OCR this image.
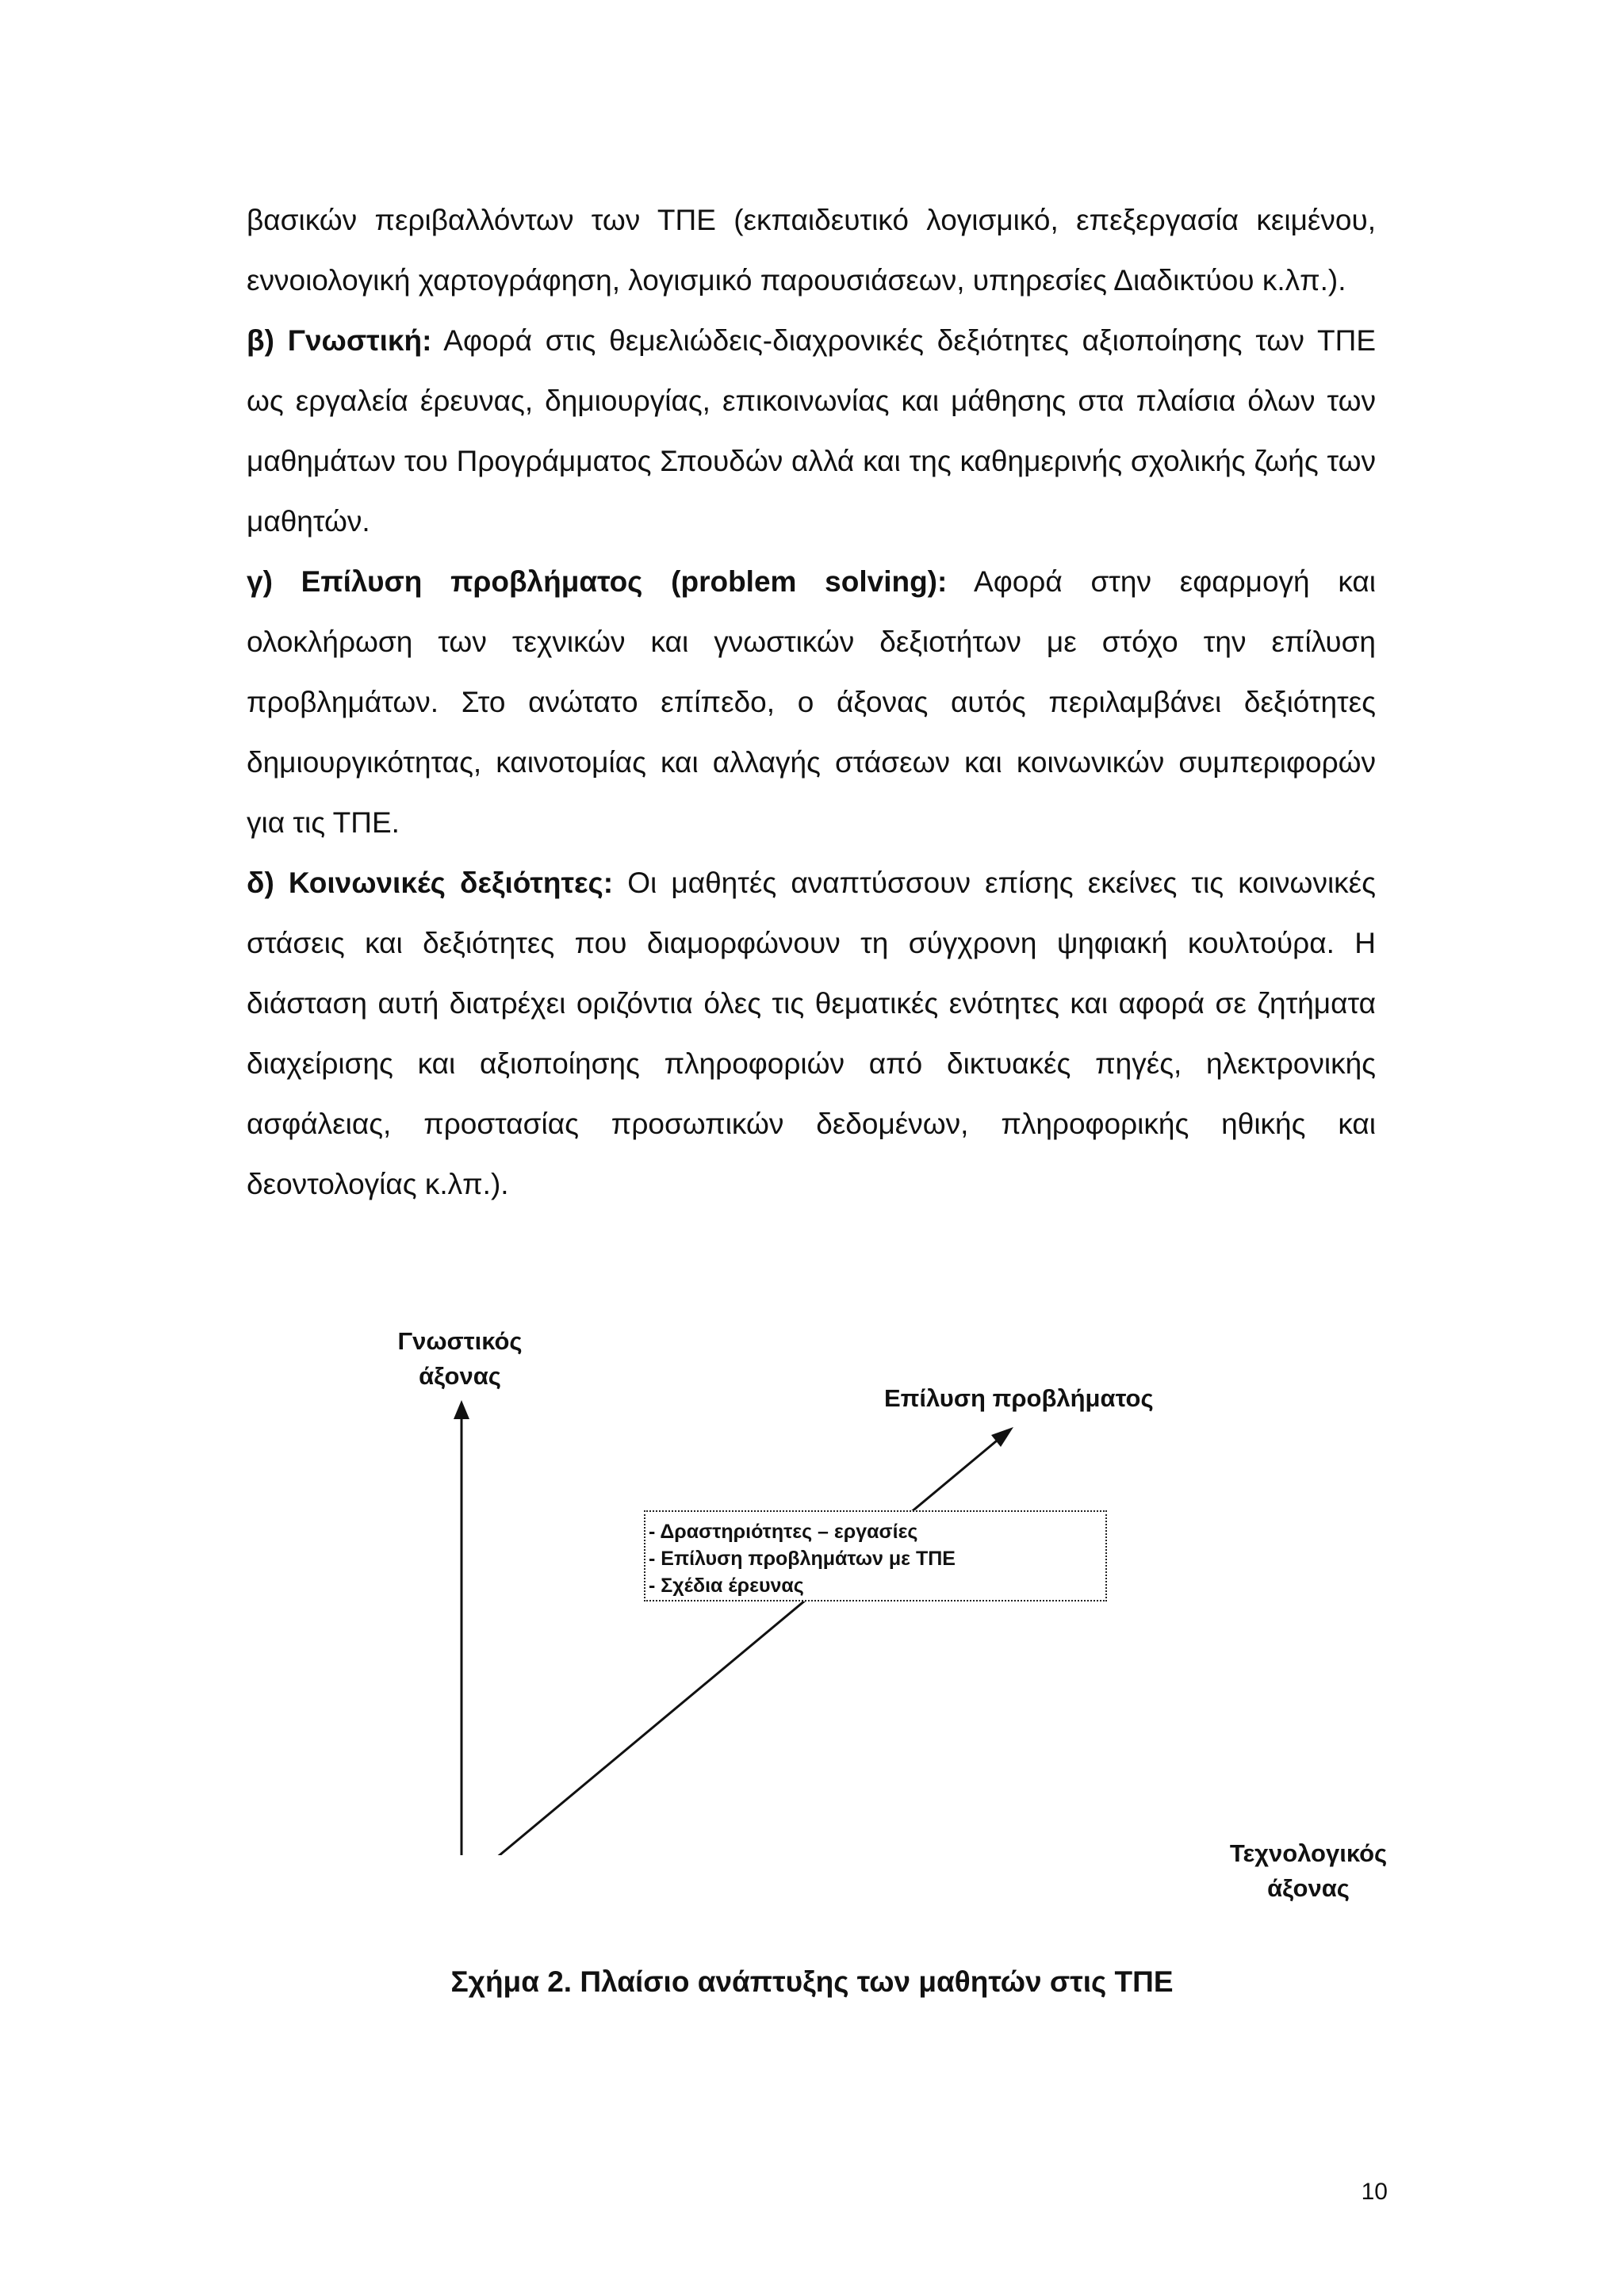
βασικών περιβαλλόντων των ΤΠΕ (εκπαιδευτικό λογισμικό, επεξεργασία κειμένου, εννοιολογική χαρτογράφηση, λογισμικό παρουσιάσεων, υπηρεσίες Διαδικτύου κ.λπ.).

β) Γνωστική: Αφορά στις θεμελιώδεις-διαχρονικές δεξιότητες αξιοποίησης των ΤΠΕ ως εργαλεία έρευνας, δημιουργίας, επικοινωνίας και μάθησης στα πλαίσια όλων των μαθημάτων του Προγράμματος Σπουδών αλλά και της καθημερινής σχολικής ζωής των μαθητών.

γ) Επίλυση προβλήματος (problem solving): Αφορά στην εφαρμογή και ολοκλήρωση των τεχνικών και γνωστικών δεξιοτήτων με στόχο την επίλυση προβλημάτων. Στο ανώτατο επίπεδο, ο άξονας αυτός περιλαμβάνει δεξιότητες δημιουργικότητας, καινοτομίας και αλλαγής στάσεων και κοινωνικών συμπεριφορών για τις ΤΠΕ.

δ) Κοινωνικές δεξιότητες: Οι μαθητές αναπτύσσουν επίσης εκείνες τις κοινωνικές στάσεις και δεξιότητες που διαμορφώνουν τη σύγχρονη ψηφιακή κουλτούρα. Η διάσταση αυτή διατρέχει οριζόντια όλες τις θεματικές ενότητες και αφορά σε ζητήματα διαχείρισης και αξιοποίησης πληροφοριών από δικτυακές πηγές, ηλεκτρονικής ασφάλειας, προστασίας προσωπικών δεδομένων, πληροφορικής ηθικής και δεοντολογίας κ.λπ.).

Γνωστικός
άξονας
Επίλυση προβλήματος
- Δραστηριότητες – εργασίες
- Επίλυση προβλημάτων με ΤΠΕ
- Σχέδια έρευνας
Τεχνολογικός
άξονας
Σχήμα 2. Πλαίσιο ανάπτυξης των μαθητών στις ΤΠΕ
10
